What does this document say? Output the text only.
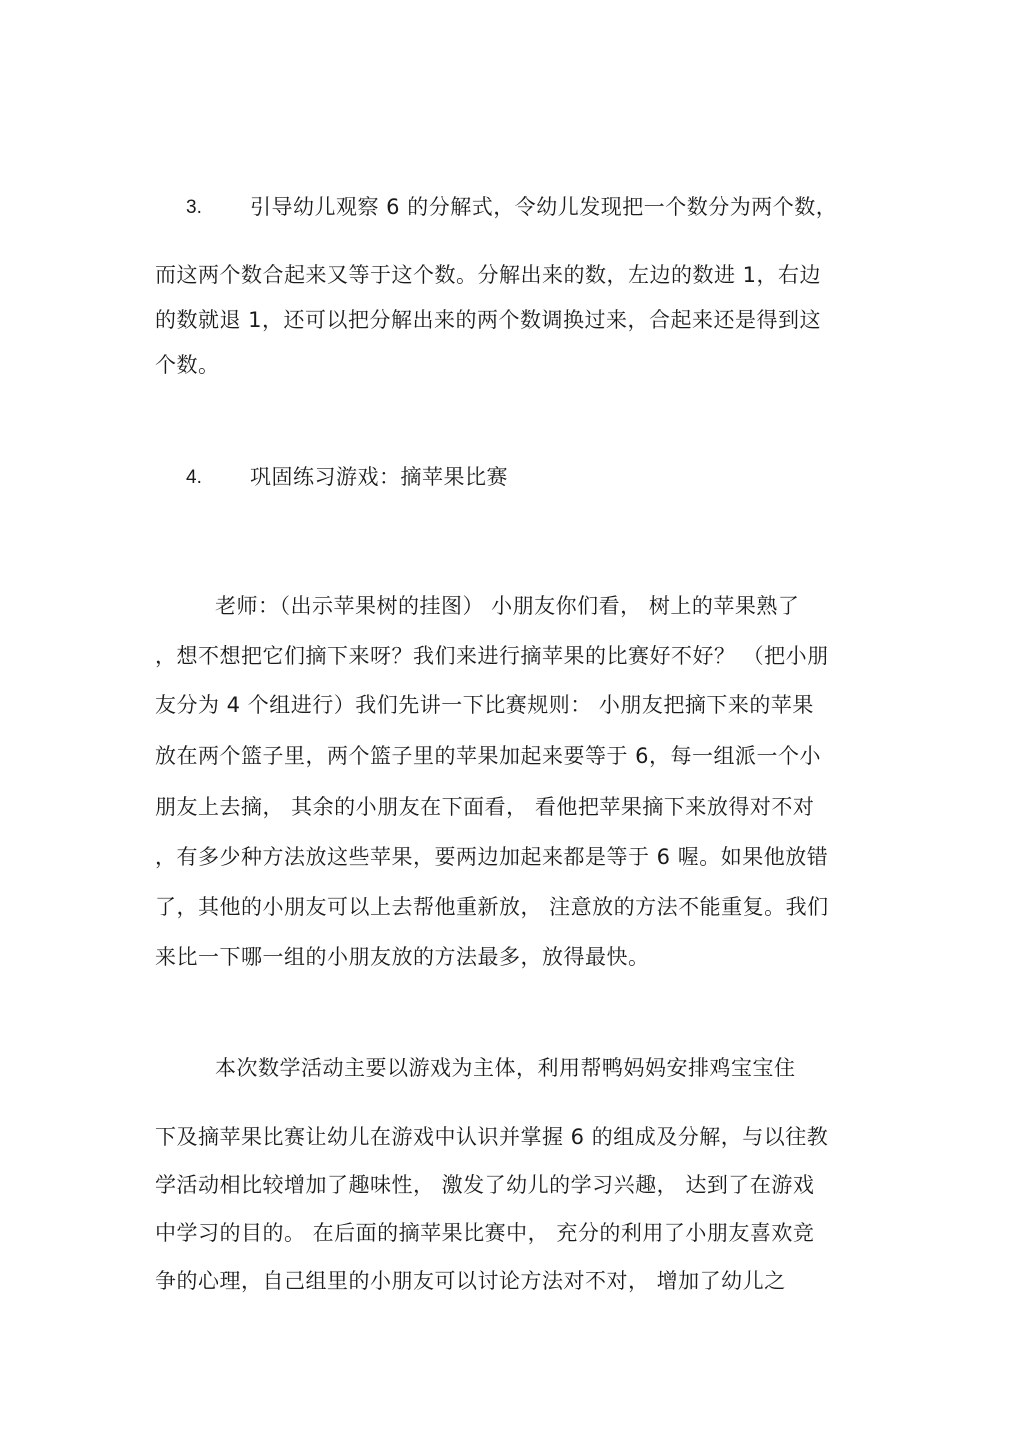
3. 引导幼儿观察 6 的分解式，令幼儿发现把一个数分为两个数，
而这两个数合起来又等于这个数。分解出来的数，左边的数进 1，右边
的数就退 1，还可以把分解出来的两个数调换过来，合起来还是得到这
个数。
4. 巩固练习游戏：摘苹果比赛
老师：（出示苹果树的挂图） 小朋友你们看， 树上的苹果熟了
，想不想把它们摘下来呀？我们来进行摘苹果的比赛好不好？ （把小朋
友分为 4 个组进行）我们先讲一下比赛规则： 小朋友把摘下来的苹果
放在两个篮子里，两个篮子里的苹果加起来要等于 6，每一组派一个小
朋友上去摘， 其余的小朋友在下面看， 看他把苹果摘下来放得对不对
，有多少种方法放这些苹果，要两边加起来都是等于 6 喔。如果他放错
了，其他的小朋友可以上去帮他重新放， 注意放的方法不能重复。我们
来比一下哪一组的小朋友放的方法最多，放得最快。
本次数学活动主要以游戏为主体，利用帮鸭妈妈安排鸡宝宝住
下及摘苹果比赛让幼儿在游戏中认识并掌握 6 的组成及分解，与以往教
学活动相比较增加了趣味性， 激发了幼儿的学习兴趣， 达到了在游戏
中学习的目的。 在后面的摘苹果比赛中， 充分的利用了小朋友喜欢竞
争的心理，自己组里的小朋友可以讨论方法对不对， 增加了幼儿之
